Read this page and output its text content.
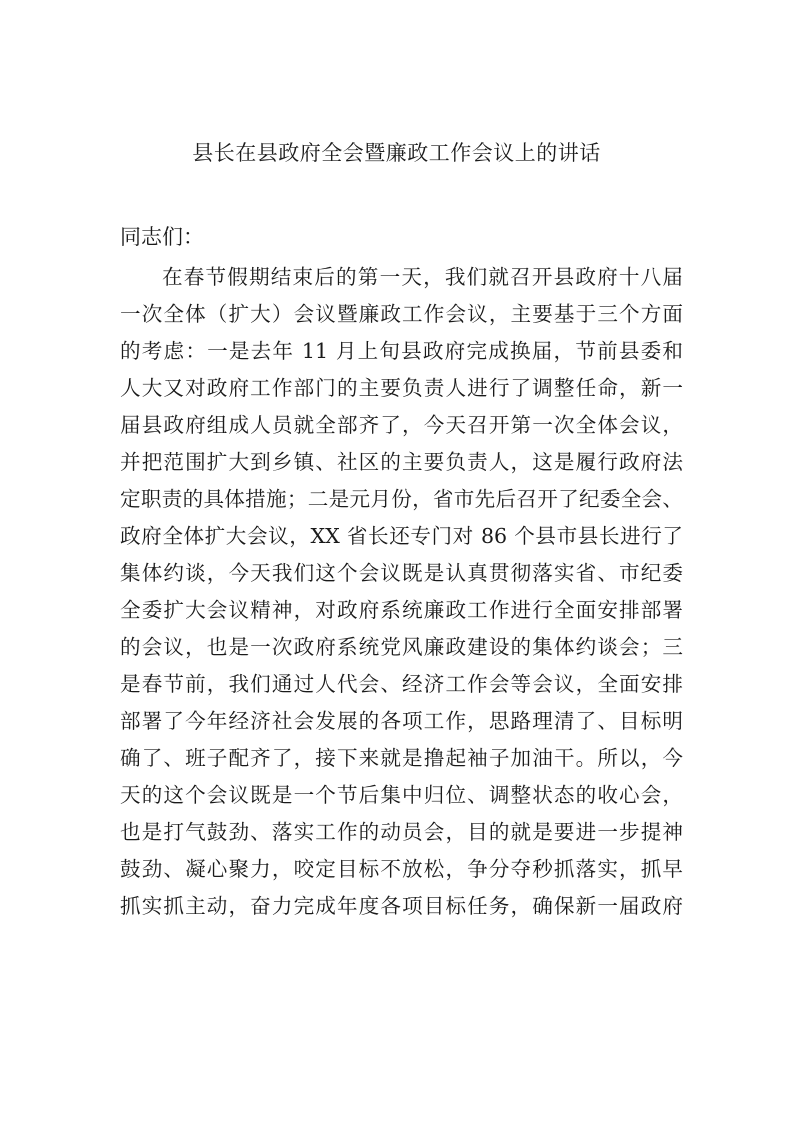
县长在县政府全会暨廉政工作会议上的讲话

同志们：

在春节假期结束后的第一天，我们就召开县政府十八届
一次全体（扩大）会议暨廉政工作会议，主要基于三个方面
的考虑：一是去年 11 月上旬县政府完成换届，节前县委和
人大又对政府工作部门的主要负责人进行了调整任命，新一
届县政府组成人员就全部齐了，今天召开第一次全体会议，
并把范围扩大到乡镇、社区的主要负责人，这是履行政府法
定职责的具体措施；二是元月份，省市先后召开了纪委全会、
政府全体扩大会议，XX 省长还专门对 86 个县市县长进行了
集体约谈，今天我们这个会议既是认真贯彻落实省、市纪委
全委扩大会议精神，对政府系统廉政工作进行全面安排部署
的会议，也是一次政府系统党风廉政建设的集体约谈会；三
是春节前，我们通过人代会、经济工作会等会议，全面安排
部署了今年经济社会发展的各项工作，思路理清了、目标明
确了、班子配齐了，接下来就是撸起袖子加油干。所以，今
天的这个会议既是一个节后集中归位、调整状态的收心会，
也是打气鼓劲、落实工作的动员会，目的就是要进一步提神
鼓劲、凝心聚力，咬定目标不放松，争分夺秒抓落实，抓早
抓实抓主动，奋力完成年度各项目标任务，确保新一届政府
